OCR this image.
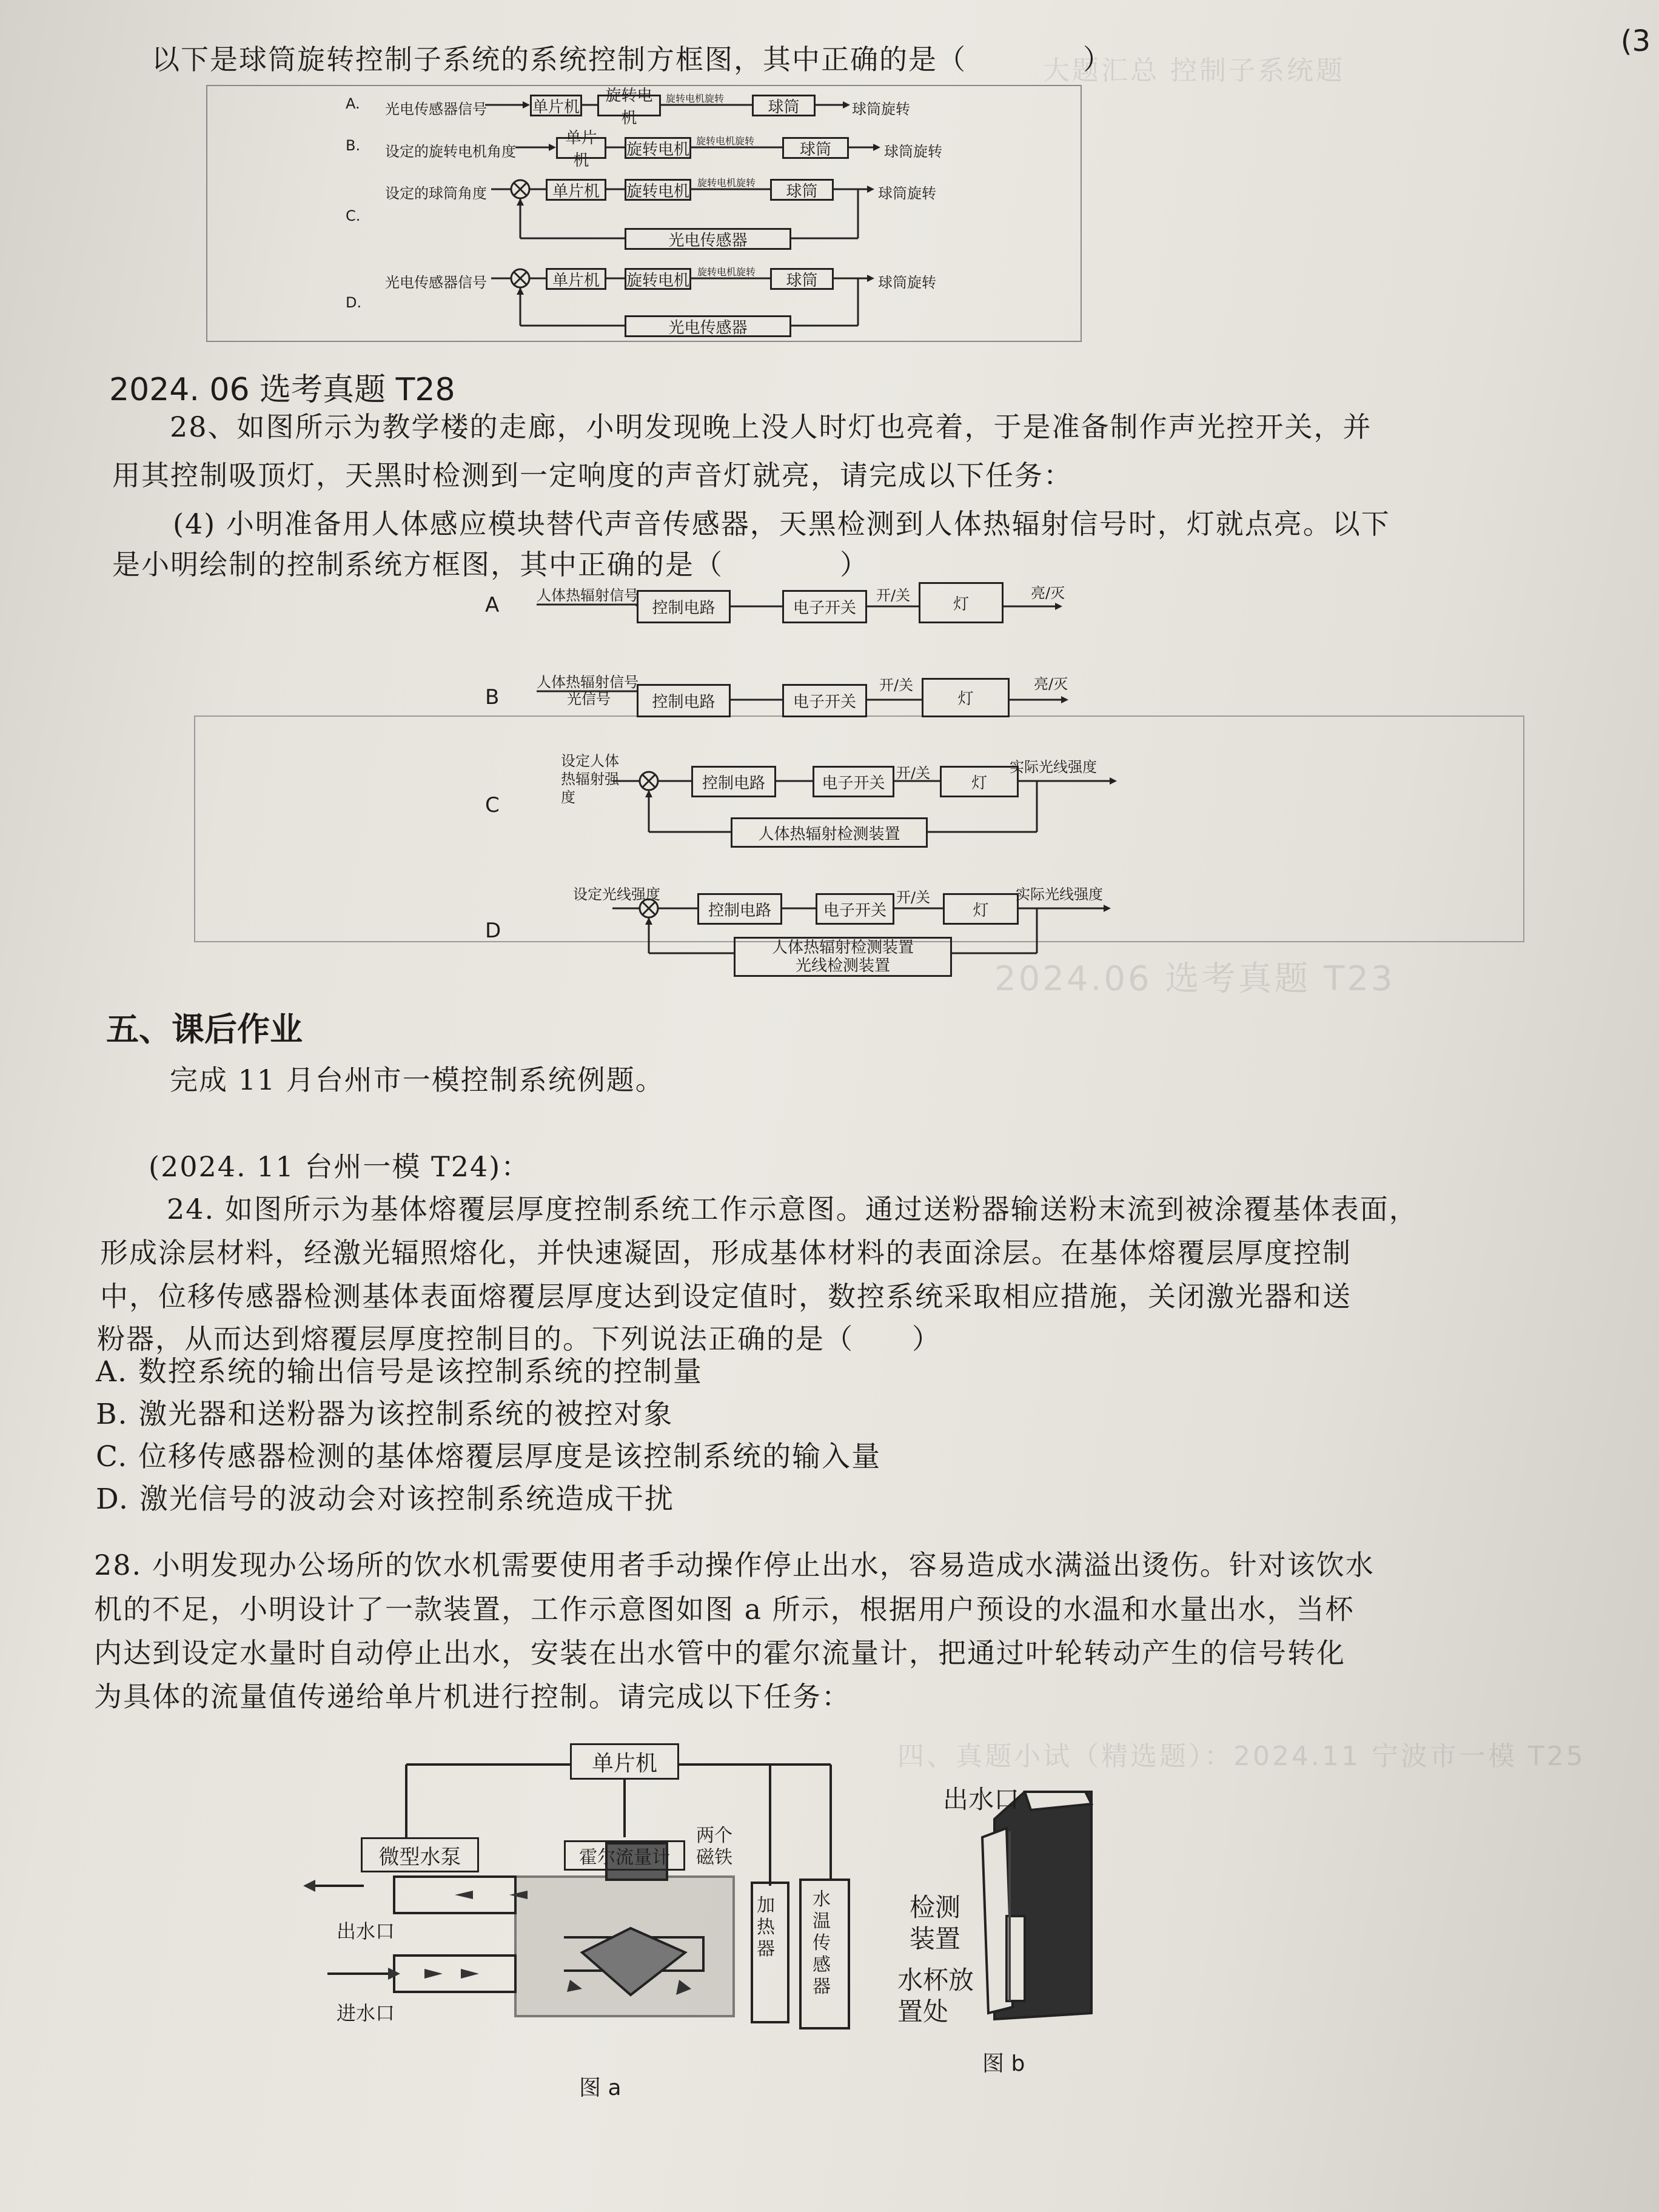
大题汇总 控制子系统题
2024.06 选考真题 T23
四、真题小试（精选题）：2024.11 宁波市一模 T25
(3
以下是球筒旋转控制子系统的系统控制方框图，其中正确的是（　　　　）
A. 光电传感器信号	单片机
旋转电机
旋转电机旋转	球筒	球筒旋转
B. 设定的旋转电机角度
单片机
旋转电机 旋转电机旋转	球筒	球筒旋转
C.
设定的球筒角度	单片机	旋转电机 旋转电机旋转	球筒	球筒旋转
光电传感器
D.
光电传感器信号	单片机	旋转电机 旋转电机旋转	球筒	球筒旋转
光电传感器
2024. 06 选考真题 T28
28、如图所示为教学楼的走廊，小明发现晚上没人时灯也亮着，于是准备制作声光控开关，并
用其控制吸顶灯，天黑时检测到一定响度的声音灯就亮，请完成以下任务：
(4) 小明准备用人体感应模块替代声音传感器，天黑检测到人体热辐射信号时，灯就点亮。以下
是小明绘制的控制系统方框图，其中正确的是（　　　　）
A	人体热辐射信号
控制电路	电子开关
开/关	灯
亮/灭
B
人体热辐射信号
光信号	控制电路	电子开关
开/关
灯
亮/灭
C
设定人体热辐射强度
控制电路	电子开关
开/关
灯
实际光线强度
人体热辐射检测装置
D
设定光线强度
控制电路	电子开关
开/关
灯
实际光线强度
人体热辐射检测装置
光线检测装置
五、课后作业
完成 11 月台州市一模控制系统例题。
(2024. 11 台州一模 T24)：
24. 如图所示为基体熔覆层厚度控制系统工作示意图。通过送粉器输送粉末流到被涂覆基体表面，
形成涂层材料，经激光辐照熔化，并快速凝固，形成基体材料的表面涂层。在基体熔覆层厚度控制
中，位移传感器检测基体表面熔覆层厚度达到设定值时，数控系统采取相应措施，关闭激光器和送
粉器，从而达到熔覆层厚度控制目的。下列说法正确的是（　　）
A. 数控系统的输出信号是该控制系统的控制量
B. 激光器和送粉器为该控制系统的被控对象
C. 位移传感器检测的基体熔覆层厚度是该控制系统的输入量
D. 激光信号的波动会对该控制系统造成干扰
28. 小明发现办公场所的饮水机需要使用者手动操作停止出水，容易造成水满溢出烫伤。针对该饮水
机的不足，小明设计了一款装置，工作示意图如图 a 所示，根据用户预设的水温和水量出水，当杯
内达到设定水量时自动停止出水，安装在出水管中的霍尔流量计，把通过叶轮转动产生的信号转化
为具体的流量值传递给单片机进行控制。请完成以下任务：
单片机
微型水泵	霍尔流量计
两个磁铁
加热器
水温传感器
出水口
进水口
图 a
出水口
检测装置
水杯放置处
图 b
